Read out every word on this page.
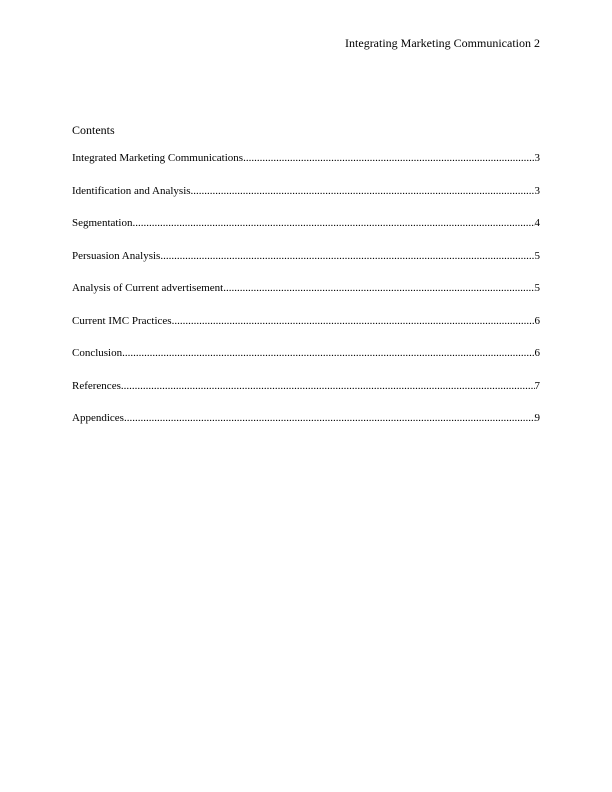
Integrating Marketing Communication 2
Contents
Integrated Marketing Communications .....	3
Identification and Analysis .....	3
Segmentation .....	4
Persuasion Analysis .....	5
Analysis of Current advertisement .....	5
Current IMC Practices .....	6
Conclusion .....	6
References .....	7
Appendices .....	9
